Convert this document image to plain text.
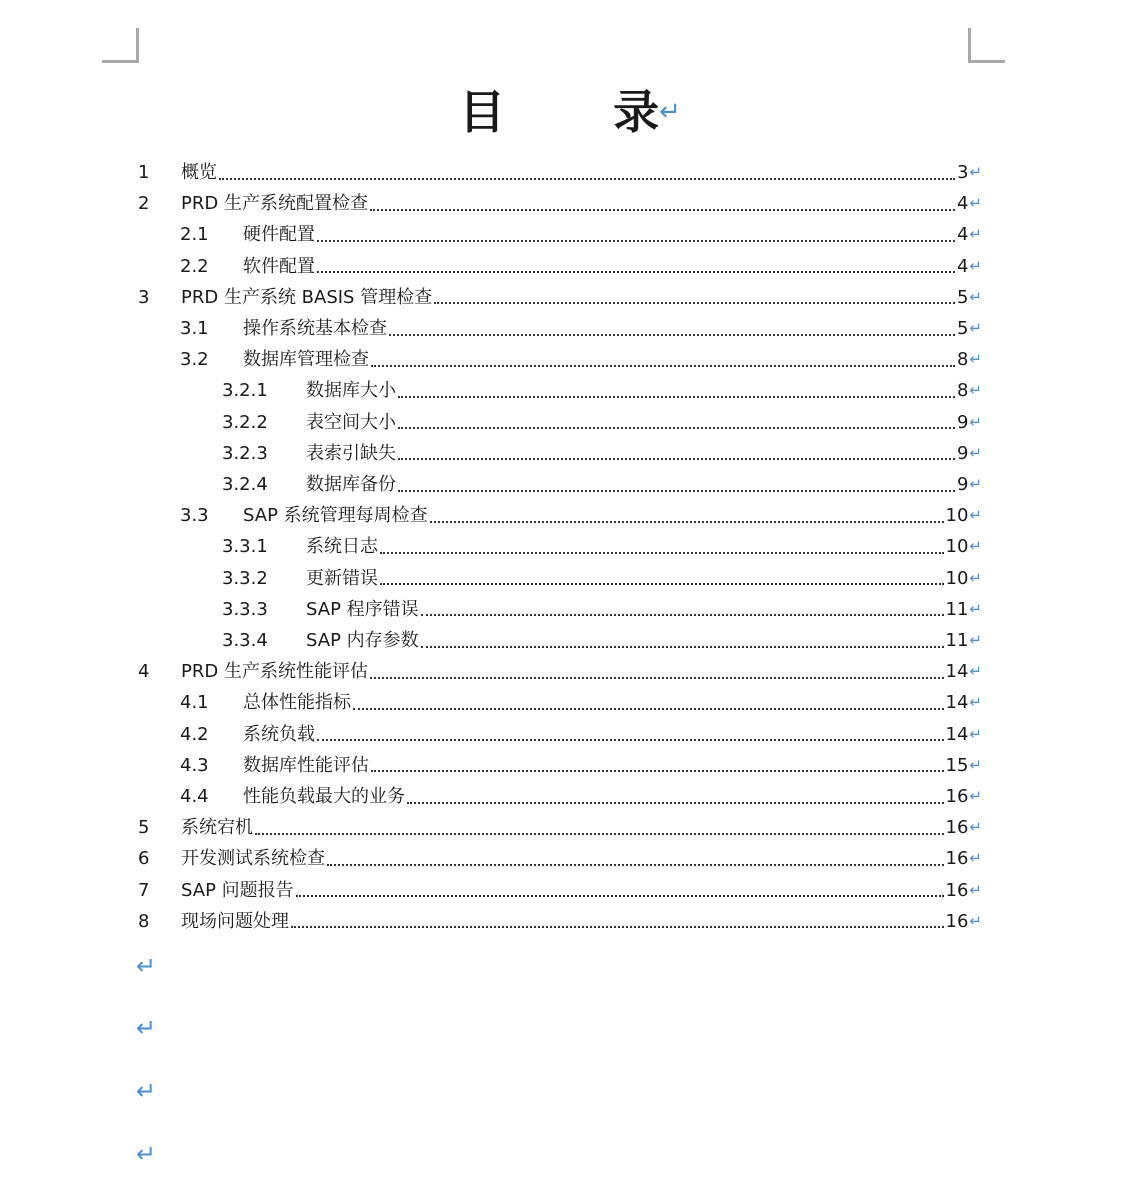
目 录↵
1	概览	3 ↵
2	PRD 生产系统配置检查	4 ↵
2.1	硬件配置	4 ↵
2.2	软件配置	4 ↵
3	PRD 生产系统 BASIS 管理检查	5 ↵
3.1	操作系统基本检查	5 ↵
3.2	数据库管理检查	8 ↵
3.2.1	数据库大小	8 ↵
3.2.2	表空间大小	9 ↵
3.2.3	表索引缺失	9 ↵
3.2.4	数据库备份	9 ↵
3.3	SAP 系统管理每周检查	10 ↵
3.3.1	系统日志	10 ↵
3.3.2	更新错误	10 ↵
3.3.3	SAP 程序错误	11 ↵
3.3.4	SAP 内存参数	11 ↵
4	PRD 生产系统性能评估	14 ↵
4.1	总体性能指标	14 ↵
4.2	系统负载	14 ↵
4.3	数据库性能评估	15 ↵
4.4	性能负载最大的业务	16 ↵
5	系统宕机	16 ↵
6	开发测试系统检查	16 ↵
7	SAP 问题报告	16 ↵
8	现场问题处理	16 ↵
↵
↵
↵
↵
